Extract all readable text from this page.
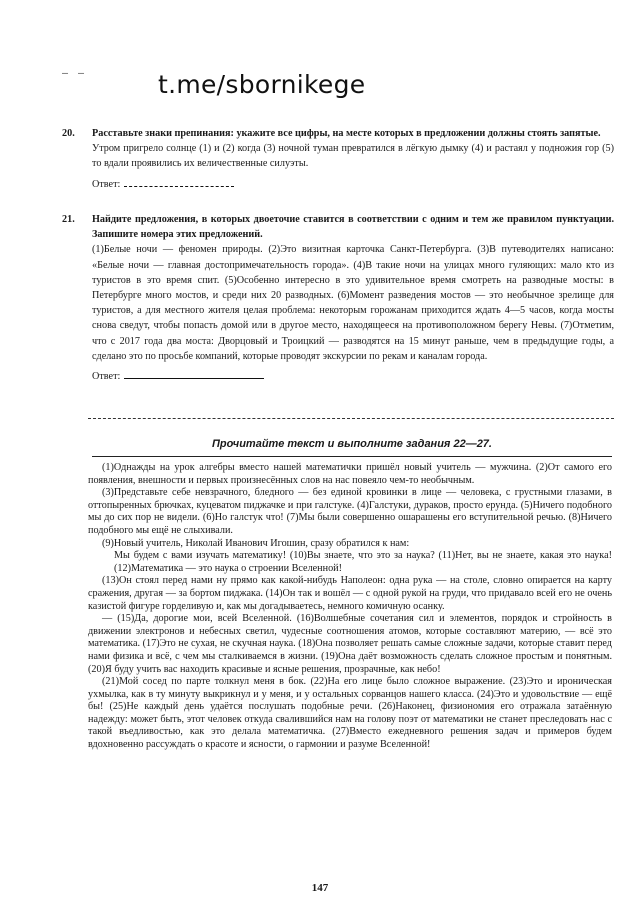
— —	t.me/sbornikege
20. Расставьте знаки препинания: укажите все цифры, на месте которых в предложении должны стоять запятые.

Утром пригрело солнце (1) и (2) когда (3) ночной туман превратился в лёгкую дымку (4) и растаял у подножия гор (5) то вдали проявились их величественные силуэты.

Ответ:

21. Найдите предложения, в которых двоеточие ставится в соответствии с одним и тем же правилом пунктуации. Запишите номера этих предложений.

(1)Белые ночи — феномен природы. (2)Это визитная карточка Санкт-Петербурга. (3)В путеводителях написано: «Белые ночи — главная достопримечательность города». (4)В такие ночи на улицах много гуляющих: мало кто из туристов в это время спит. (5)Особенно интересно в это удивительное время смотреть на разводные мосты: в Петербурге много мостов, и среди них 20 разводных. (6)Момент разведения мостов — это необычное зрелище для туристов, а для местного жителя целая проблема: некоторым горожанам приходится ждать 4—5 часов, когда мосты снова сведут, чтобы попасть домой или в другое место, находящееся на противоположном берегу Невы. (7)Отметим, что с 2017 года два моста: Дворцовый и Троицкий — разводятся на 15 минут раньше, чем в предыдущие годы, а сделано это по просьбе компаний, которые проводят экскурсии по рекам и каналам города.

Ответ:

$_{Прочитайте текст и выполните задания 22—27.}$

(1)Однажды на урок алгебры вместо нашей математички пришёл новый учитель — мужчина. (2)От самого его появления, внешности и первых произнесённых слов на нас повеяло чем-то необычным.

(3)Представьте себе невзрачного, бледного — без единой кровинки в лице — человека, с грустными глазами, в оттопыренных брючках, куцеватом пиджачке и при галстуке. (4)Галстуки, дураков, просто ерунда. (5)Ничего подобного мы до сих пор не видели. (6)Но галстук что! (7)Мы были совершенно ошарашены его вступительной речью. (8)Ничего подобного мы ещё не слыхивали.

(9)Новый учитель, Николай Иванович Игошин, сразу обратился к нам:

Мы будем с вами изучать математику! (10)Вы знаете, что это за наука? (11)Нет, вы не знаете, какая это наука! (12)Математика — это наука о строении Вселенной!

(13)Он стоял перед нами ну прямо как какой-нибудь Наполеон: одна рука — на столе, словно опирается на карту сражения, другая — за бортом пиджака. (14)Он так и вошёл — с одной рукой на груди, что придавало всей его не очень казистой фигуре горделивую и, как мы догадываетесь, немного комичную осанку.

— (15)Да, дорогие мои, всей Вселенной. (16)Волшебные сочетания сил и элементов, порядок и стройность в движении электронов и небесных светил, чудесные соотношения атомов, которые составляют материю, — всё это математика. (17)Это не сухая, не скучная наука. (18)Она позволяет решать самые сложные задачи, которые ставит перед нами физика и всё, с чем мы сталкиваемся в жизни. (19)Она даёт возможность сделать сложное простым и понятным. (20)Я буду учить вас находить красивые и ясные решения, прозрачные, как небо!

(21)Мой сосед по парте толкнул меня в бок. (22)На его лице было сложное выражение. (23)Это и ироническая ухмылка, как в ту минуту выкрикнул и у меня, и у остальных сорванцов нашего класса. (24)Это и удовольствие — ещё бы! (25)Не каждый день удаётся послушать подобные речи. (26)Наконец, физиономия его отражала затаённую надежду: может быть, этот человек откуда свалившийся нам на голову поэт от математики не станет преследовать нас с такой въедливостью, как это делала математичка. (27)Вместо ежедневного решения задач и примеров будем вдохновенно рассуждать о красоте и ясности, о гармонии и разуме Вселенной!

147
